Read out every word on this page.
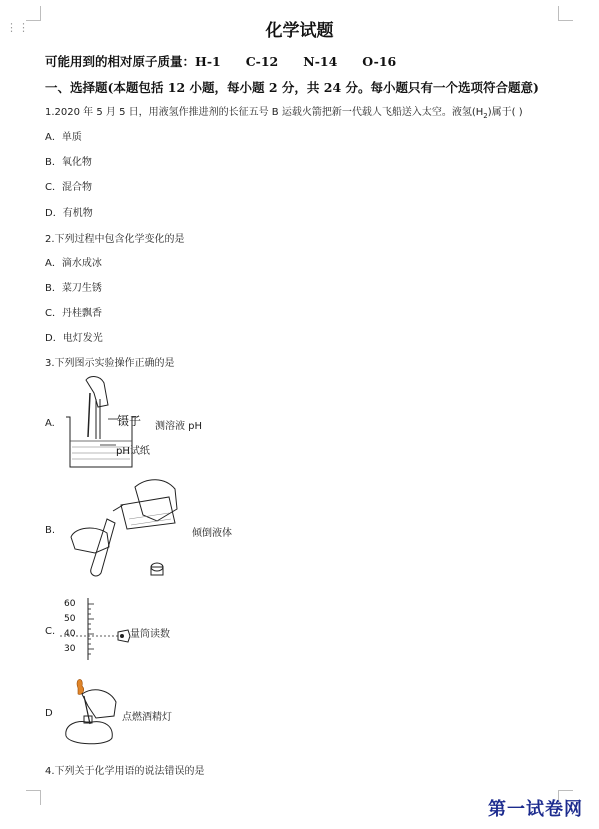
⋮⋮	化学试题
可能用到的相对原子质量：H-1 C-12 N-14 O-16
一、选择题(本题包括 12 小题，每小题 2 分，共 24 分。每小题只有一个选项符合题意)
1.2020 年 5 月 5 日，用液氢作推进剂的长征五号 B 运载火箭把新一代载人飞船送入太空。液氢$(H_2)$属于( )
A．单质
B．氧化物
C．混合物
D．有机物
2.下列过程中包含化学变化的是
A．滴水成冰
B．菜刀生锈
C．丹桂飘香
D．电灯发光
3.下列图示实验操作正确的是
A.	镊子 测溶液 pH
pH试纸
B.	倾倒液体
C.
60
50
40
30
量筒读数
D	点燃酒精灯
4.下列关于化学用语的说法错误的是
第一试卷网
